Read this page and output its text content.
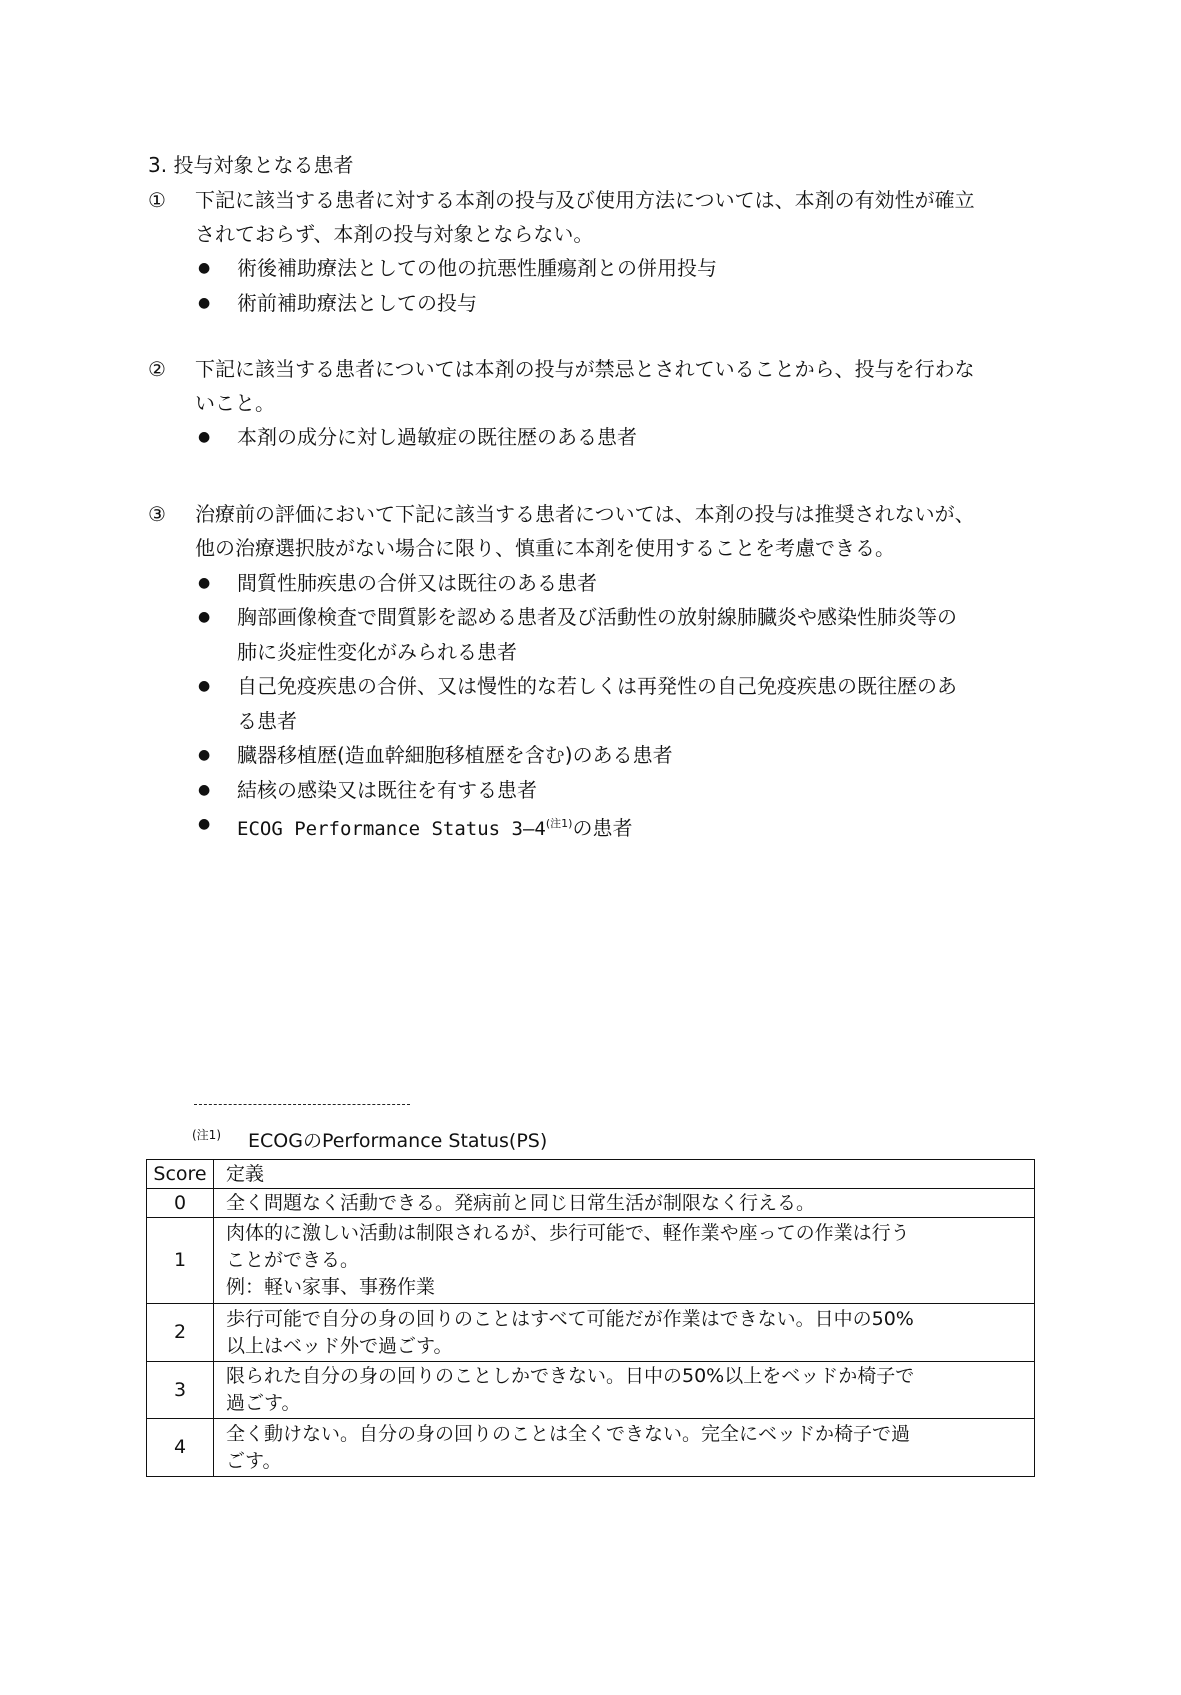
3. 投与対象となる患者
① 下記に該当する患者に対する本剤の投与及び使用方法については、本剤の有効性が確立
されておらず、本剤の投与対象とならない。
● 術後補助療法としての他の抗悪性腫瘍剤との併用投与
● 術前補助療法としての投与
② 下記に該当する患者については本剤の投与が禁忌とされていることから、投与を行わな
いこと。
● 本剤の成分に対し過敏症の既往歴のある患者
③ 治療前の評価において下記に該当する患者については、本剤の投与は推奨されないが、
他の治療選択肢がない場合に限り、慎重に本剤を使用することを考慮できる。
● 間質性肺疾患の合併又は既往のある患者
● 胸部画像検査で間質影を認める患者及び活動性の放射線肺臓炎や感染性肺炎等の
肺に炎症性変化がみられる患者
● 自己免疫疾患の合併、又は慢性的な若しくは再発性の自己免疫疾患の既往歴のあ
る患者
● 臓器移植歴(造血幹細胞移植歴を含む)のある患者
● 結核の感染又は既往を有する患者
● ECOG Performance Status $3―4^{(注1)}$の患者
(注1) ECOGのPerformance Status(PS)
Score	定義
0	全く問題なく活動できる。発病前と同じ日常生活が制限なく行える。

1	肉体的に激しい活動は制限されるが、歩行可能で、軽作業や座っての作業は行う
ことができる。
例：軽い家事、事務作業

2	歩行可能で自分の身の回りのことはすべて可能だが作業はできない。日中の50%
以上はベッド外で過ごす。

3	限られた自分の身の回りのことしかできない。日中の50%以上をベッドか椅子で
過ごす。

4	全く動けない。自分の身の回りのことは全くできない。完全にベッドか椅子で過
ごす。
